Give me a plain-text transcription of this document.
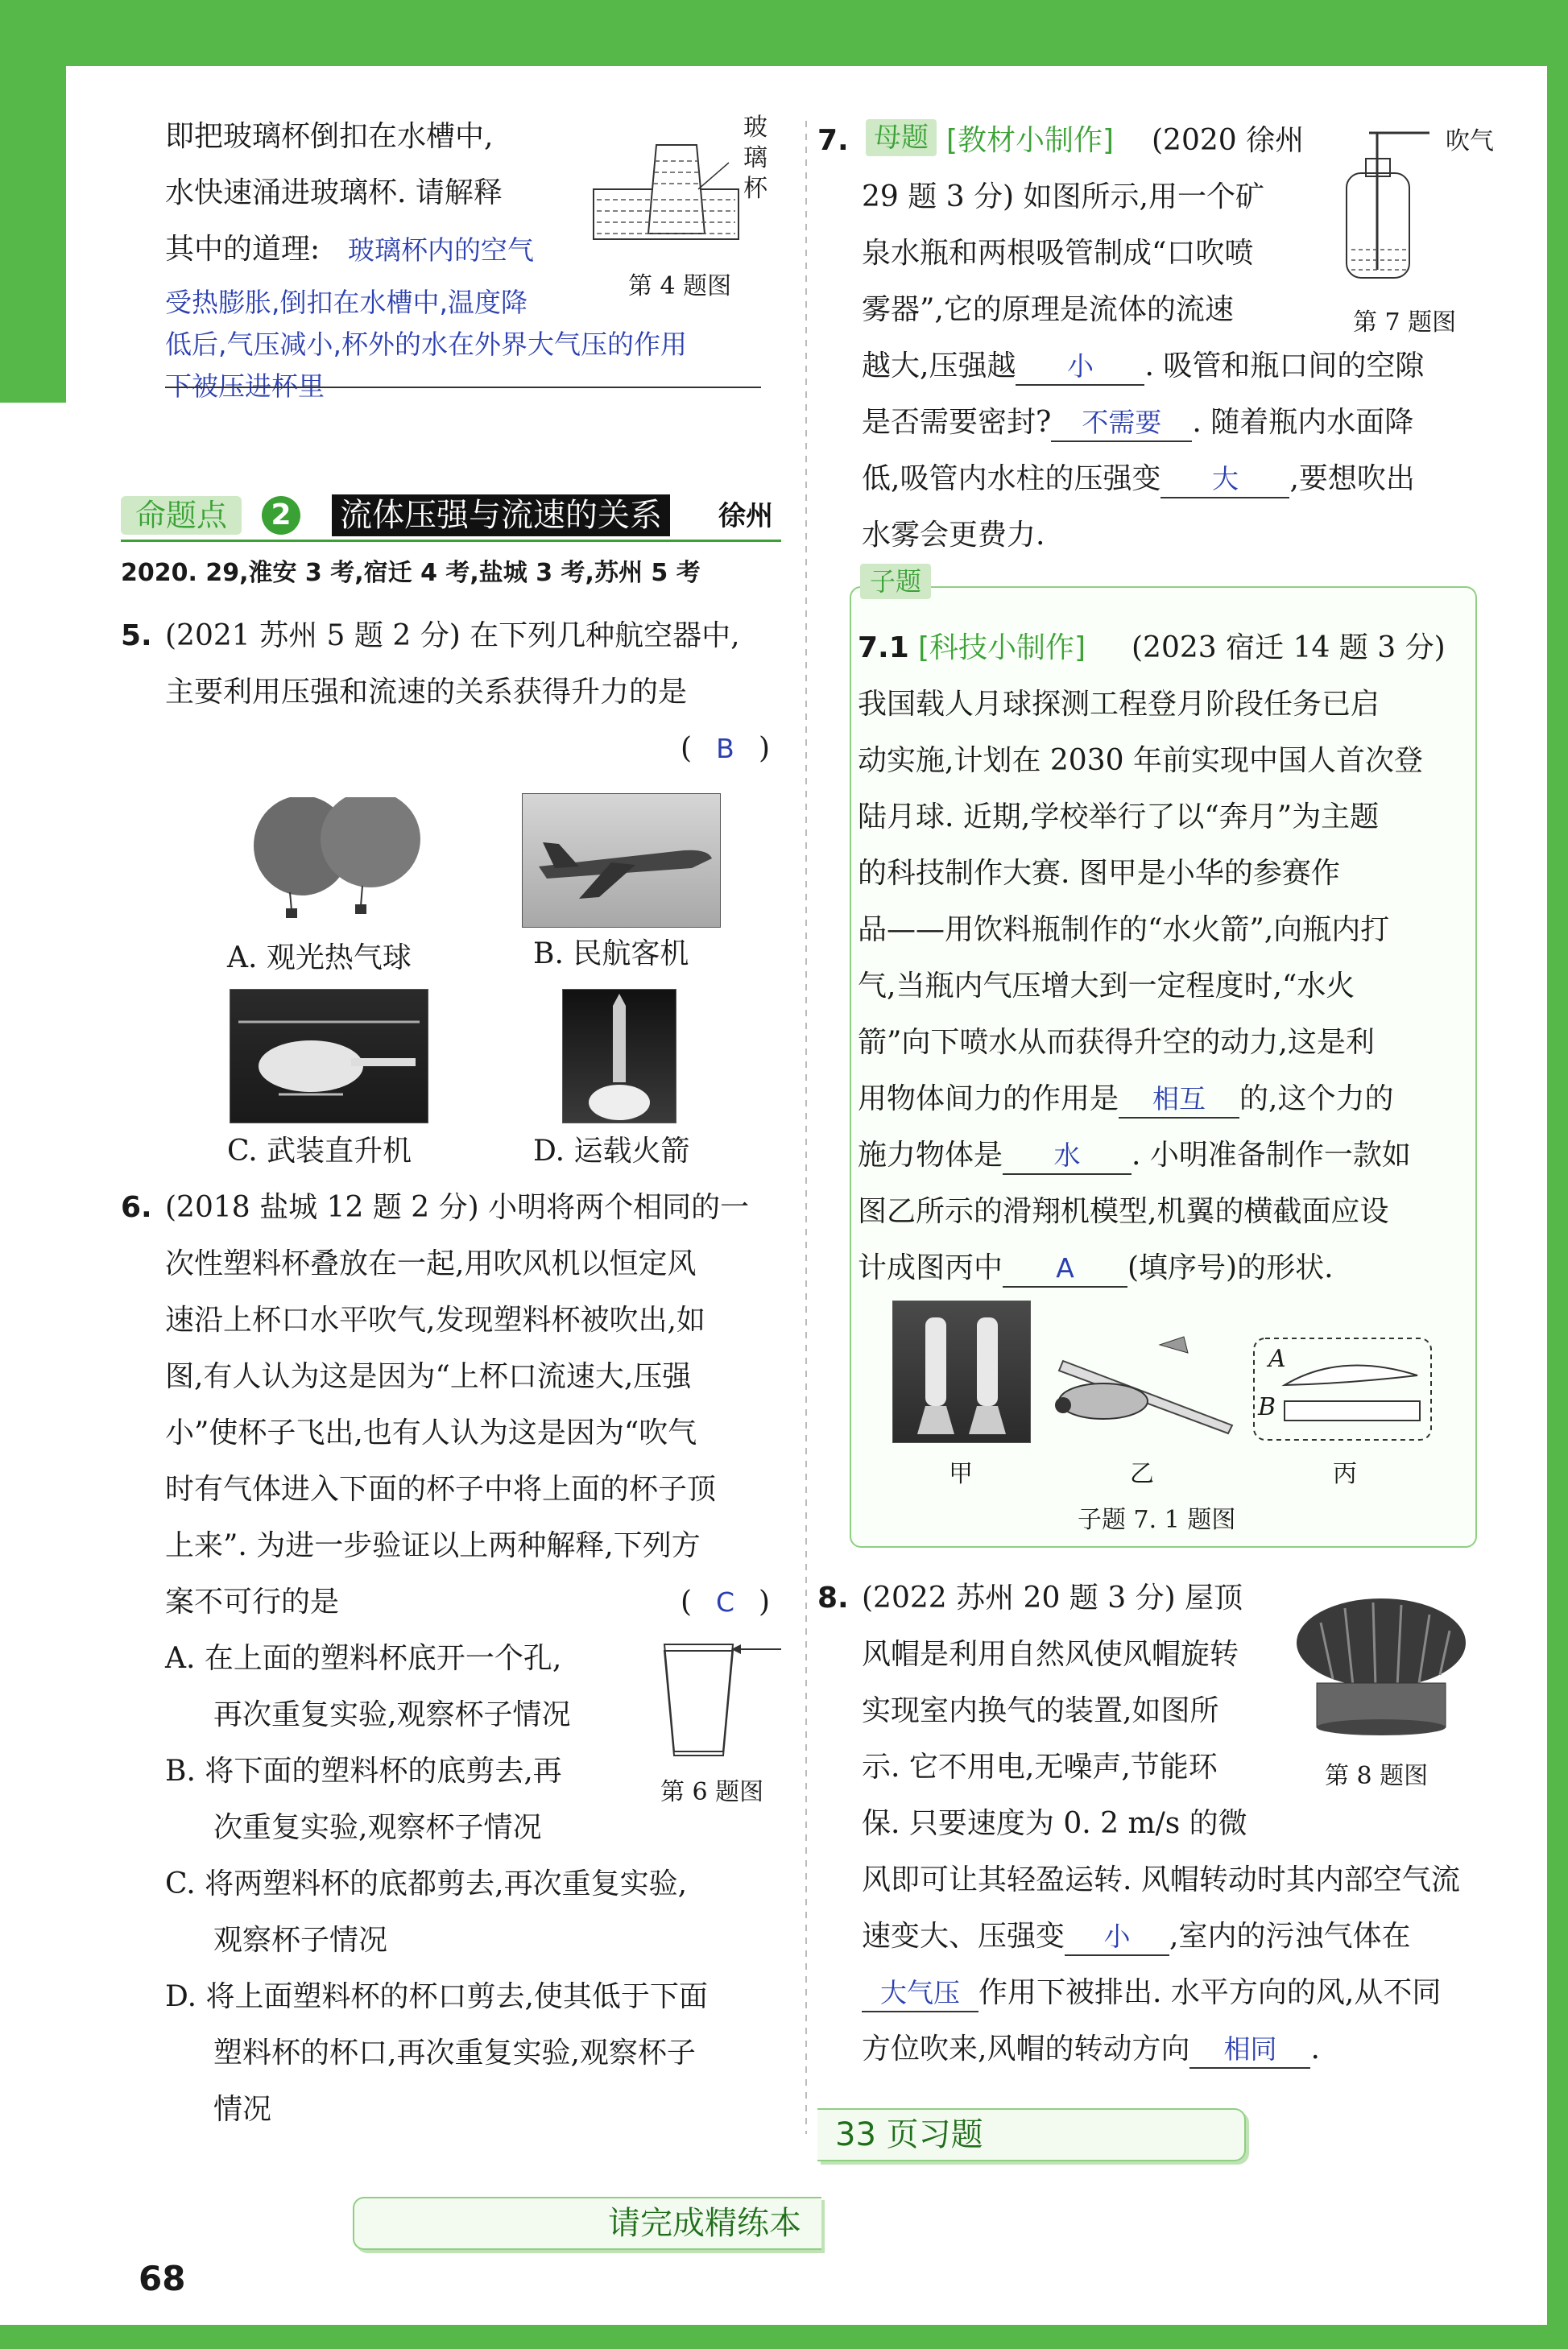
即把玻璃杯倒扣在水槽中,
水快速涌进玻璃杯. 请解释
其中的道理: 玻璃杯内的空气
受热膨胀,倒扣在水槽中,温度降
低后,气压减小,杯外的水在外界大气压的作用
下被压进杯里
玻
璃
杯
第 4 题图
命题点	2 流体压强与流速的关系 徐州
2020. 29,淮安 3 考,宿迁 4 考,盐城 3 考,苏州 5 考
5. (2021 苏州 5 题 2 分) 在下列几种航空器中,
主要利用压强和流速的关系获得升力的是
( B )
A. 观光热气球	B. 民航客机
C. 武装直升机	D. 运载火箭
6. (2018 盐城 12 题 2 分) 小明将两个相同的一
次性塑料杯叠放在一起,用吹风机以恒定风
速沿上杯口水平吹气,发现塑料杯被吹出,如
图,有人认为这是因为“上杯口流速大,压强
小”使杯子飞出,也有人认为这是因为“吹气
时有气体进入下面的杯子中将上面的杯子顶
上来”. 为进一步验证以上两种解释,下列方
案不可行的是	( C )
A. 在上面的塑料杯底开一个孔,
再次重复实验,观察杯子情况
B. 将下面的塑料杯的底剪去,再
次重复实验,观察杯子情况
C. 将两塑料杯的底都剪去,再次重复实验,
观察杯子情况
D. 将上面塑料杯的杯口剪去,使其低于下面
塑料杯的杯口,再次重复实验,观察杯子
情况
第 6 题图
7. 母题 [教材小制作] (2020 徐州
29 题 3 分) 如图所示,用一个矿
泉水瓶和两根吸管制成“口吹喷
雾器”,它的原理是流体的流速
越大,压强越 小 . 吸管和瓶口间的空隙
是否需要密封? 不需要 . 随着瓶内水面降
低,吸管内水柱的压强变 大 ,要想吹出
水雾会更费力.
吹气
第 7 题图
子题
7.1 [科技小制作] (2023 宿迁 14 题 3 分)
我国载人月球探测工程登月阶段任务已启
动实施,计划在 2030 年前实现中国人首次登
陆月球. 近期,学校举行了以“奔月”为主题
的科技制作大赛. 图甲是小华的参赛作
品——用饮料瓶制作的“水火箭”,向瓶内打
气,当瓶内气压增大到一定程度时,“水火
箭”向下喷水从而获得升空的动力,这是利
用物体间力的作用是 相互 的,这个力的
施力物体是 水 . 小明准备制作一款如
图乙所示的滑翔机模型,机翼的横截面应设
计成图丙中 A (填序号)的形状.
A
B
甲	乙	丙
子题 7. 1 题图
8. (2022 苏州 20 题 3 分) 屋顶
风帽是利用自然风使风帽旋转
实现室内换气的装置,如图所
示. 它不用电,无噪声,节能环
保. 只要速度为 0. 2 m/s 的微
风即可让其轻盈运转. 风帽转动时其内部空气流
速变大、压强变 小 ,室内的污浊气体在
大气压 作用下被排出. 水平方向的风,从不同
方位吹来,风帽的转动方向 相同 .
第 8 题图
33 页习题
请完成精练本
68
